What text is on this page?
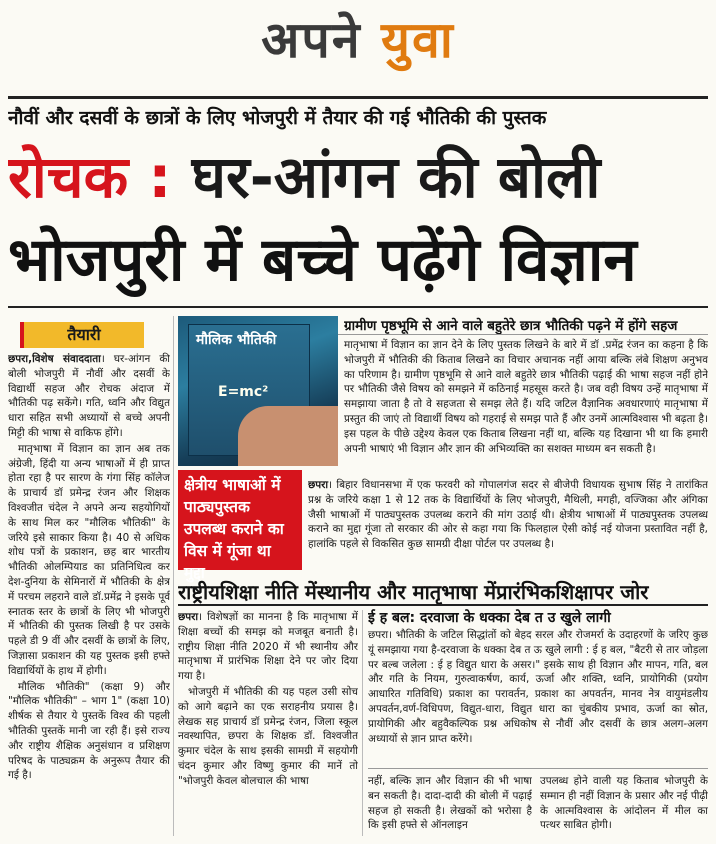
अपने युवा
नौवीं और दसवीं के छात्रों के लिए भोजपुरी में तैयार की गई भौतिकी की पुस्तक
रोचक : घर-आंगन की बोली
भोजपुरी में बच्चे पढ़ेंगे विज्ञान
तैयारी

छपरा,विशेष संवाददाता। घर-आंगन की बोली भोजपुरी में नौवीं और दसवीं के विद्यार्थी सहज और रोचक अंदाज में भौतिकी पढ़ सकेंगे। गति, ध्वनि और विद्युत धारा सहित सभी अध्यायों से बच्चे अपनी मिट्टी की भाषा से वाकिफ होंगे।

मातृभाषा में विज्ञान का ज्ञान अब तक अंग्रेजी, हिंदी या अन्य भाषाओं में ही प्राप्त होता रहा है पर सारण के गंगा सिंह कॉलेज के प्राचार्य डॉ प्रमेन्द्र रंजन और शिक्षक विश्वजीत चंदेल ने अपने अन्य सहयोगियों के साथ मिल कर "मौलिक भौतिकी" के जरिये इसे साकार किया है। 40 से अधिक शोध पत्रों के प्रकाशन, छह बार भारतीय भौतिकी ओलम्पियाड का प्रतिनिधित्व कर देश-दुनिया के सेमिनारों में भौतिकी के क्षेत्र में परचम लहराने वाले डॉ.प्रमेंद्र ने इसके पूर्व स्नातक स्तर के छात्रों के लिए भी भोजपुरी में भौतिकी की पुस्तक लिखी है पर उसके पहले डी 9 वीं और दसवीं के छात्रों के लिए, जिज्ञासा प्रकाशन की यह पुस्तक इसी हफ्ते विद्यार्थियों के हाथ में होगी।

मौलिक भौतिकी" (कक्षा 9) और "मौलिक भौतिकी" – भाग 1" (कक्षा 10) शीर्षक से तैयार ये पुस्तकें विश्व की पहली भौतिकी पुस्तकें मानी जा रही हैं। इसे राज्य और राष्ट्रीय शैक्षिक अनुसंधान व प्रशिक्षण परिषद के पाठ्यक्रम के अनुरूप तैयार की गई है।

मौलिक भौतिकी
E=mc²
ग्रामीण पृष्ठभूमि से आने वाले बहुतेरे छात्र भौतिकी पढ़ने में होंगे सहज

मातृभाषा में विज्ञान का ज्ञान देने के लिए पुस्तक लिखने के बारे में डॉ .प्रमेंद्र रंजन का कहना है कि भोजपुरी में भौतिकी की किताब लिखने का विचार अचानक नहीं आया बल्कि लंबे शिक्षण अनुभव का परिणाम है। ग्रामीण पृष्ठभूमि से आने वाले बहुतेरे छात्र भौतिकी पढ़ाई की भाषा सहज नहीं होने पर भौतिकी जैसे विषय को समझने में कठिनाई महसूस करते है। जब वही विषय उन्हें मातृभाषा में समझाया जाता है तो वे सहजता से समझ लेते हैं। यदि जटिल वैज्ञानिक अवधारणाएं मातृभाषा में प्रस्तुत की जाएं तो विद्यार्थी विषय को गहराई से समझ पाते हैं और उनमें आत्मविश्वास भी बढ़ता है। इस पहल के पीछे उद्देश्य केवल एक किताब लिखना नहीं था, बल्कि यह दिखाना भी था कि हमारी अपनी भाषाएं भी विज्ञान और ज्ञान की अभिव्यक्ति का सशक्त माध्यम बन सकती है।

क्षेत्रीय भाषाओं में पाठ्यपुस्तक उपलब्ध कराने का विस में गूंजा था मुद्दा

छपरा। बिहार विधानसभा में एक फरवरी को गोपालगंज सदर से बीजेपी विधायक सुभाष सिंह ने तारांकित प्रश्न के जरिये कक्षा 1 से 12 तक के विद्यार्थियों के लिए भोजपुरी, मैथिली, मगही, वज्जिका और अंगिका जैसी भाषाओं में पाठ्यपुस्तक उपलब्ध कराने की मांग उठाई थी। क्षेत्रीय भाषाओं में पाठ्यपुस्तक उपलब्ध कराने का मुद्दा गूंजा तो सरकार की ओर से कहा गया कि फिलहाल ऐसी कोई नई योजना प्रस्तावित नहीं है, हालांकि पहले से विकसित कुछ सामग्री दीक्षा पोर्टल पर उपलब्ध है।

राष्ट्रीयशिक्षा नीति मेंस्थानीय और मातृभाषा मेंप्रारंभिकशिक्षापर जोर

छपरा। विशेषज्ञों का मानना है कि मातृभाषा में शिक्षा बच्चों की समझ को मजबूत बनाती है। राष्ट्रीय शिक्षा नीति 2020 में भी स्थानीय और मातृभाषा में प्रारंभिक शिक्षा देने पर जोर दिया गया है।

भोजपुरी में भौतिकी की यह पहल उसी सोच को आगे बढ़ाने का एक सराहनीय प्रयास है। लेखक सह प्राचार्य डॉ प्रमेन्द्र रंजन, जिला स्कूल नवस्थापित, छपरा के शिक्षक डॉ. विश्वजीत कुमार चंदेल के साथ इसकी सामग्री में सहयोगी चंदन कुमार और विष्णु कुमार की मानें तो "भोजपुरी केवल बोलचाल की भाषा

ई ह बल: दरवाजा के धक्का देब त उ खुले लागी

छपरा। भौतिकी के जटिल सिद्धांतों को बेहद सरल और रोजमर्रा के उदाहरणों के जरिए कुछ यूं समझाया गया है-दरवाजा के धक्का देब त ऊ खुले लागी : ई ह बल, "बैटरी से तार जोड़ला पर बल्ब जलेला : ई ह विद्युत धारा के असर।" इसके साथ ही विज्ञान और मापन, गति, बल और गति के नियम, गुरुत्वाकर्षण, कार्य, ऊर्जा और शक्ति, ध्वनि, प्रायोगिकी (प्रयोग आधारित गतिविधि) प्रकाश का परावर्तन, प्रकाश का अपवर्तन, मानव नेत्र वायुमंडलीय अपवर्तन,वर्ण-विधिपण, विद्युत-धारा, विद्युत धारा का चुंबकीय प्रभाव, ऊर्जा का स्रोत, प्रायोगिकी और बहुवैकल्पिक प्रश्न अधिकोष से नौवीं और दसवीं के छात्र अलग-अलग अध्यायों से ज्ञान प्राप्त करेंगे।

नहीं, बल्कि ज्ञान और विज्ञान की भी भाषा बन सकती है। दादा-दादी की बोली में पढ़ाई सहज हो सकती है। लेखकों को भरोसा है कि इसी हफ्ते से ऑनलाइन

उपलब्ध होने वाली यह किताब भोजपुरी के सम्मान ही नहीं विज्ञान के प्रसार और नई पीढ़ी के आत्मविश्वास के आंदोलन में मील का पत्थर साबित होगी।
